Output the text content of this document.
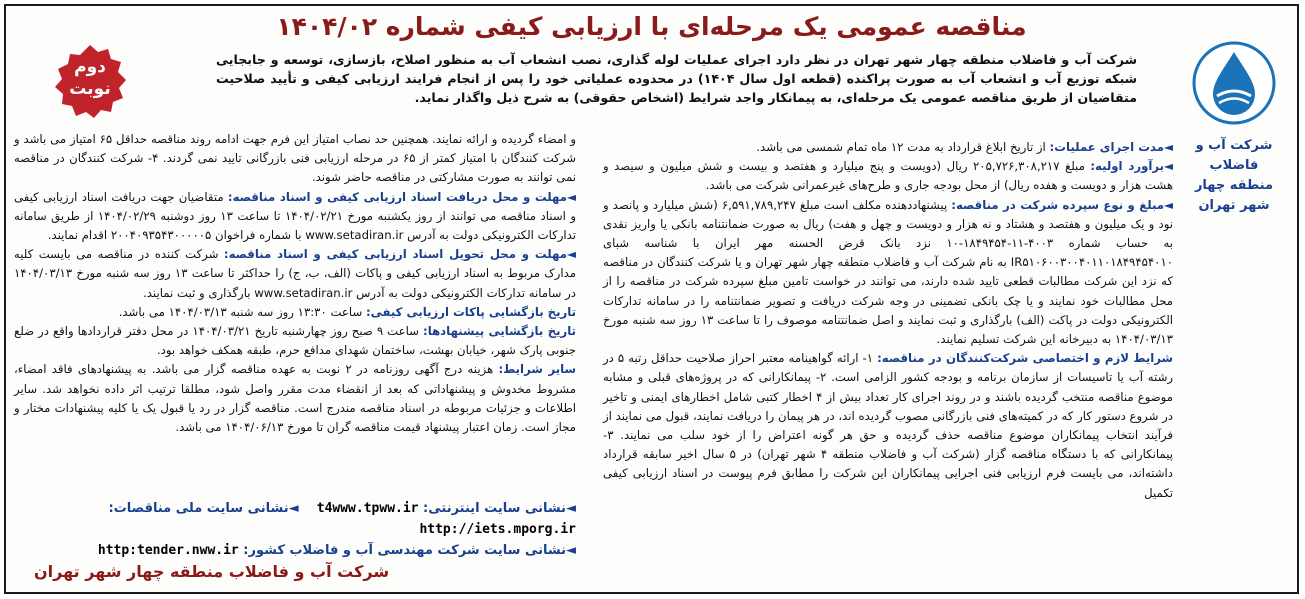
مناقصه عمومی یک مرحله‌ای با ارزیابی کیفی شماره ۱۴۰۴/۰۲
شرکت آب و فاضلاب
منطقه چهار
شهر تهران
دوم
نوبت

شرکت آب و فاضلاب منطقه چهار شهر تهران در نظر دارد اجرای عملیات لوله گذاری، نصب انشعاب آب به منظور اصلاح، بازسازی، توسعه و جابجایی شبکه توزیع آب و انشعاب آب به صورت پراکنده (قطعه اول سال ۱۴۰۴) در محدوده عملیاتی خود را پس از انجام فرایند ارزیابی کیفی و تأیید صلاحیت متقاضیان از طریق مناقصه عمومی یک مرحله‌ای، به پیمانکار واجد شرایط (اشخاص حقوقی) به شرح ذیل واگذار نماید.

◄مدت اجرای عملیات: از تاریخ ابلاغ قرارداد به مدت ۱۲ ماه تمام شمسی می باشد.

◄برآورد اولیه: مبلغ ۲۰۵,۷۲۶,۳۰۸,۲۱۷ ریال (دویست و پنج میلیارد و هفتصد و بیست و شش میلیون و سیصد و هشت هزار و دویست و هفده ریال) از محل بودجه جاری و طرح‌های غیرعمرانی شرکت می باشد.

◄مبلغ و نوع سپرده شرکت در مناقصه: پیشنهاددهنده مکلف است مبلغ ۶,۵۹۱,۷۸۹,۲۴۷ (شش میلیارد و پانصد و نود و یک میلیون و هفتصد و هشتاد و نه هزار و دویست و چهل و هفت) ریال به صورت ضمانتنامه بانکی یا واریز نقدی به حساب شماره ۴۰۰۳-۱۱-۱۸۴۹۴۵۴-۱۰ نزد بانک قرض الحسنه مهر ایران با شناسه شبای IR۵۱۰۶۰۰۳۰۰۴۰۱۱۰۱۸۴۹۴۵۴۰۱۰ به نام شرکت آب و فاضلاب منطقه چهار شهر تهران و یا شرکت کنندگان در مناقصه که نزد این شرکت مطالبات قطعی تایید شده دارند، می توانند در خواست تامین مبلغ سپرده شرکت در مناقصه را از محل مطالبات خود نمایند و یا چک بانکی تضمینی در وجه شرکت دریافت و تصویر ضمانتنامه را در سامانه تدارکات الکترونیکی دولت در پاکت (الف) بارگذاری و ثبت نمایند و اصل ضمانتنامه موصوف را تا ساعت ۱۳ روز سه شنبه مورخ ۱۴۰۴/۰۳/۱۳ به دبیرخانه این شرکت تسلیم نمایند.

شرایط لازم و اختصاصی شرکت‌کنندگان در مناقصه: ۱- ارائه گواهینامه معتبر احراز صلاحیت حداقل رتبه ۵ در رشته آب یا تاسیسات از سازمان برنامه و بودجه کشور الزامی است. ۲- پیمانکارانی که در پروژه‌های قبلی و مشابه موضوع مناقصه منتخب گردیده باشند و در روند اجرای کار تعداد بیش از ۴ اخطار کتبی شامل اخطارهای ایمنی و تاخیر در شروع دستور کار که در کمیته‌های فنی بازرگانی مصوب گردیده اند، در هر پیمان را دریافت نمایند، قبول می نمایند از فرآیند انتخاب پیمانکاران موضوع مناقصه حذف گردیده و حق هر گونه اعتراض را از خود سلب می نمایند. ۳- پیمانکارانی که با دستگاه مناقصه گزار (شرکت آب و فاضلاب منطقه ۴ شهر تهران) در ۵ سال اخیر سابقه قرارداد داشته‌اند، می بایست فرم ارزیابی فنی اجرایی پیمانکاران این شرکت را مطابق فرم پیوست در اسناد ارزیابی کیفی تکمیل

و امضاء گردیده و ارائه نمایند. همچنین حد نصاب امتیاز این فرم جهت ادامه روند مناقصه حداقل ۶۵ امتیاز می باشد و شرکت کنندگان با امتیاز کمتر از ۶۵ در مرحله ارزیابی فنی بازرگانی تایید نمی گردند. ۴- شرکت کنندگان در مناقصه نمی توانند به صورت مشارکتی در مناقصه حاضر شوند.

◄مهلت و محل دریافت اسناد ارزیابی کیفی و اسناد مناقصه: متقاضیان جهت دریافت اسناد ارزیابی کیفی و اسناد مناقصه می توانند از روز یکشنبه مورخ ۱۴۰۴/۰۲/۲۱ تا ساعت ۱۳ روز دوشنبه ۱۴۰۴/۰۲/۲۹ از طریق سامانه تدارکات الکترونیکی دولت به آدرس www.setadiran.ir با شماره فراخوان ۲۰۰۴۰۹۳۵۴۳۰۰۰۰۰۵ اقدام نمایند.

◄مهلت و محل تحویل اسناد ارزیابی کیفی و اسناد مناقصه: شرکت کننده در مناقصه می بایست کلیه مدارک مربوط به اسناد ارزیابی کیفی و پاکات (الف، ب، ج) را حداکثر تا ساعت ۱۳ روز سه شنبه مورخ ۱۴۰۴/۰۳/۱۳ در سامانه تدارکات الکترونیکی دولت به آدرس www.setadiran.ir بارگذاری و ثبت نمایند.

تاریخ بازگشایی پاکات ارزیابی کیفی: ساعت ۱۳:۳۰ روز سه شنبه ۱۴۰۴/۰۳/۱۳ می باشد.

تاریخ بازگشایی پیشنهادها: ساعت ۹ صبح روز چهارشنبه تاریخ ۱۴۰۴/۰۳/۲۱ در محل دفتر قراردادها واقع در ضلع جنوبی پارک شهر، خیابان بهشت، ساختمان شهدای مدافع حرم، طبقه همکف خواهد بود.

سایر شرایط: هزینه درج آگهی روزنامه در ۲ نوبت به عهده مناقصه گزار می باشد. به پیشنهادهای فاقد امضاء، مشروط مخدوش و پیشنهاداتی که بعد از انقضاء مدت مقرر واصل شود، مطلقا ترتیب اثر داده نخواهد شد. سایر اطلاعات و جزئیات مربوطه در اسناد مناقصه مندرج است. مناقصه گزار در رد یا قبول یک یا کلیه پیشنهادات مختار و مجاز است. زمان اعتبار پیشنهاد قیمت مناقصه گران تا مورخ ۱۴۰۴/۰۶/۱۳ می باشد.

◄نشانی سایت اینترنتی: t4www.tpww.ir    ◄نشانی سایت ملی مناقصات: http://iets.mporg.ir
◄نشانی سایت شرکت مهندسی آب و فاضلاب کشور: http:tender.nww.ir
شرکت آب و فاضلاب منطقه چهار شهر تهران
